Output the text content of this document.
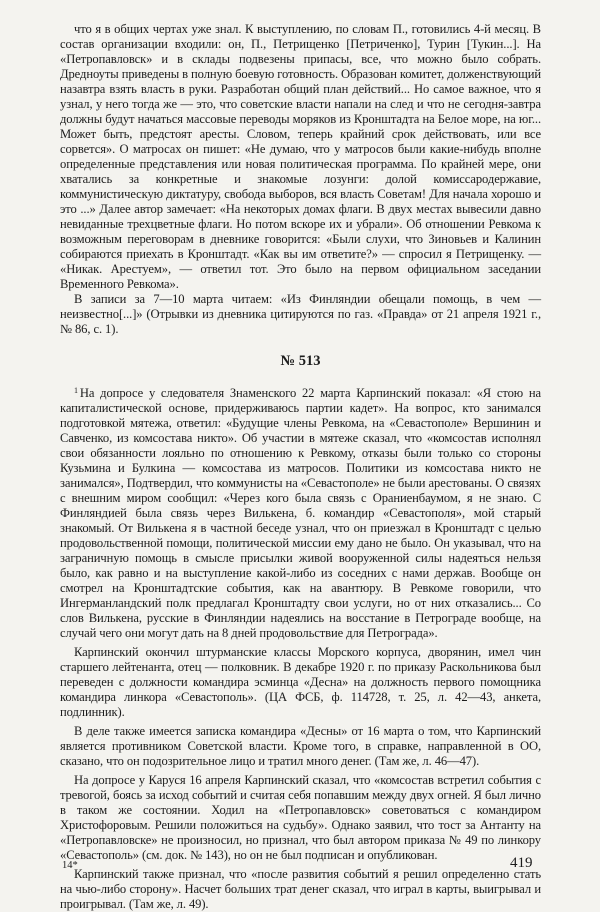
что я в общих чертах уже знал. К выступлению, по словам П., готовились 4-й месяц. В состав организации входили: он, П., Петрищенко [Петриченко], Турин [Тукин...]. На «Петропавловск» и в склады подвезены припасы, все, что можно было собрать. Дредноуты приведены в полную боевую готовность. Образован комитет, долженствующий назавтра взять власть в руки. Разработан общий план действий... Но самое важное, что я узнал, у него тогда же — это, что советские власти напали на след и что не сегодня-завтра должны будут начаться массовые переводы моряков из Кронштадта на Белое море, на юг... Может быть, предстоят аресты. Словом, теперь крайний срок действовать, или все сорвется». О матросах он пишет: «Не думаю, что у матросов были какие-нибудь вполне определенные представления или новая политическая программа. По крайней мере, они хватались за конкретные и знакомые лозунги: долой комиссародержавие, коммунистическую диктатуру, свобода выборов, вся власть Советам! Для начала хорошо и это ...» Далее автор замечает: «На некоторых домах флаги. В двух местах вывесили давно невиданные трехцветные флаги. Но потом вскоре их и убрали». Об отношении Ревкома к возможным переговорам в дневнике говорится: «Были слухи, что Зиновьев и Калинин собираются приехать в Кронштадт. «Как вы им ответите?» — спросил я Петрищенку. — «Никак. Арестуем», — ответил тот. Это было на первом официальном заседании Временного Ревкома».

В записи за 7—10 марта читаем: «Из Финляндии обещали помощь, в чем — неизвестно[...]» (Отрывки из дневника цитируются по газ. «Правда» от 21 апреля 1921 г., № 86, с. 1).

№ 513

$^1$ На допросе у следователя Знаменского 22 марта Карпинский показал: «Я стою на капиталистической основе, придерживаюсь партии кадет». На вопрос, кто занимался подготовкой мятежа, ответил: «Будущие члены Ревкома, на «Севастополе» Вершинин и Савченко, из комсостава никто». Об участии в мятеже сказал, что «комсостав исполнял свои обязанности лояльно по отношению к Ревкому, отказы были только со стороны Кузьмина и Булкина — комсостава из матросов. Политики из комсостава никто не занимался», Подтвердил, что коммунисты на «Севастополе» не были арестованы. О связях с внешним миром сообщил: «Через кого была связь с Ораниенбаумом, я не знаю. С Финляндией была связь через Вилькена, б. командир «Севастополя», мой старый знакомый. От Вилькена я в частной беседе узнал, что он приезжал в Кронштадт с целью продовольственной помощи, политической миссии ему дано не было. Он указывал, что на заграничную помощь в смысле присылки живой вооруженной силы надеяться нельзя было, как равно и на выступление какой-либо из соседних с нами держав. Вообще он смотрел на Кронштадтские события, как на авантюру. В Ревкоме говорили, что Ингерманландский полк предлагал Кронштадту свои услуги, но от них отказались... Со слов Вилькена, русские в Финляндии надеялись на восстание в Петрограде вообще, на случай чего они могут дать на 8 дней продовольствие для Петрограда».

Карпинский окончил штурманские классы Морского корпуса, дворянин, имел чин старшего лейтенанта, отец — полковник. В декабре 1920 г. по приказу Раскольникова был переведен с должности командира эсминца «Десна» на должность первого помощника командира линкора «Севастополь». (ЦА ФСБ, ф. 114728, т. 25, л. 42—43, анкета, подлинник).

В деле также имеется записка командира «Десны» от 16 марта о том, что Карпинский является противником Советской власти. Кроме того, в справке, направленной в ОО, сказано, что он подозрительное лицо и тратил много денег. (Там же, л. 46—47).

На допросе у Каруся 16 апреля Карпинский сказал, что «комсостав встретил события с тревогой, боясь за исход событий и считая себя попавшим между двух огней. Я был лично в таком же состоянии. Ходил на «Петропавловск» советоваться с командиром Христофоровым. Решили положиться на судьбу». Однако заявил, что тост за Антанту на «Петропавловске» не произносил, но признал, что был автором приказа № 49 по линкору «Севастополь» (см. док. № 143), но он не был подписан и опубликован.

Карпинский также признал, что «после развития событий я решил определенно стать на чью-либо сторону». Насчет больших трат денег сказал, что играл в карты, выигрывал и проигрывал. (Там же, л. 49).

14*	419
